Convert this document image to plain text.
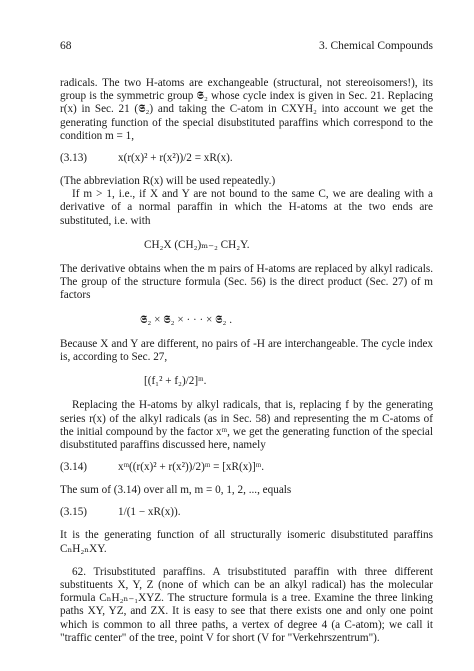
68	3. Chemical Compounds

radicals. The two H-atoms are exchangeable (structural, not stereoisomers!), its group is the symmetric group 𝕾₂ whose cycle index is given in Sec. 21. Replacing r(x) in Sec. 21 (𝕾₂) and taking the C-atom in CXYH₂ into account we get the generating function of the special disubstituted paraffins which correspond to the condition m = 1,

(3.13)	x(r(x)² + r(x²))/2 = xR(x).

(The abbreviation R(x) will be used repeatedly.)

If m > 1, i.e., if X and Y are not bound to the same C, we are dealing with a derivative of a normal paraffin in which the H-atoms at the two ends are substituted, i.e. with

CH₂X (CH₂)ₘ₋₂ CH₂Y.

The derivative obtains when the m pairs of H-atoms are replaced by alkyl radicals. The group of the structure formula (Sec. 56) is the direct product (Sec. 27) of m factors

𝕾₂ × 𝕾₂ × · · · × 𝕾₂ .

Because X and Y are different, no pairs of -H are interchangeable. The cycle index is, according to Sec. 27,

[(f₁² + f₂)/2]ᵐ.

Replacing the H-atoms by alkyl radicals, that is, replacing f by the generating series r(x) of the alkyl radicals (as in Sec. 58) and representing the m C-atoms of the initial compound by the factor xᵐ, we get the generating function of the special disubstituted paraffins discussed here, namely

(3.14)	xᵐ((r(x)² + r(x²))/2)ᵐ = [xR(x)]ᵐ.

The sum of (3.14) over all m, m = 0, 1, 2, ..., equals

(3.15)	1/(1 − xR(x)).

It is the generating function of all structurally isomeric disubstituted paraffins CₙH₂ₙXY.

62. Trisubstituted paraffins. A trisubstituted paraffin with three different substituents X, Y, Z (none of which can be an alkyl radical) has the molecular formula CₙH₂ₙ₋₁XYZ. The structure formula is a tree. Examine the three linking paths XY, YZ, and ZX. It is easy to see that there exists one and only one point which is common to all three paths, a vertex of degree 4 (a C-atom); we call it "traffic center" of the tree, point V for short (V for "Verkehrszentrum").
